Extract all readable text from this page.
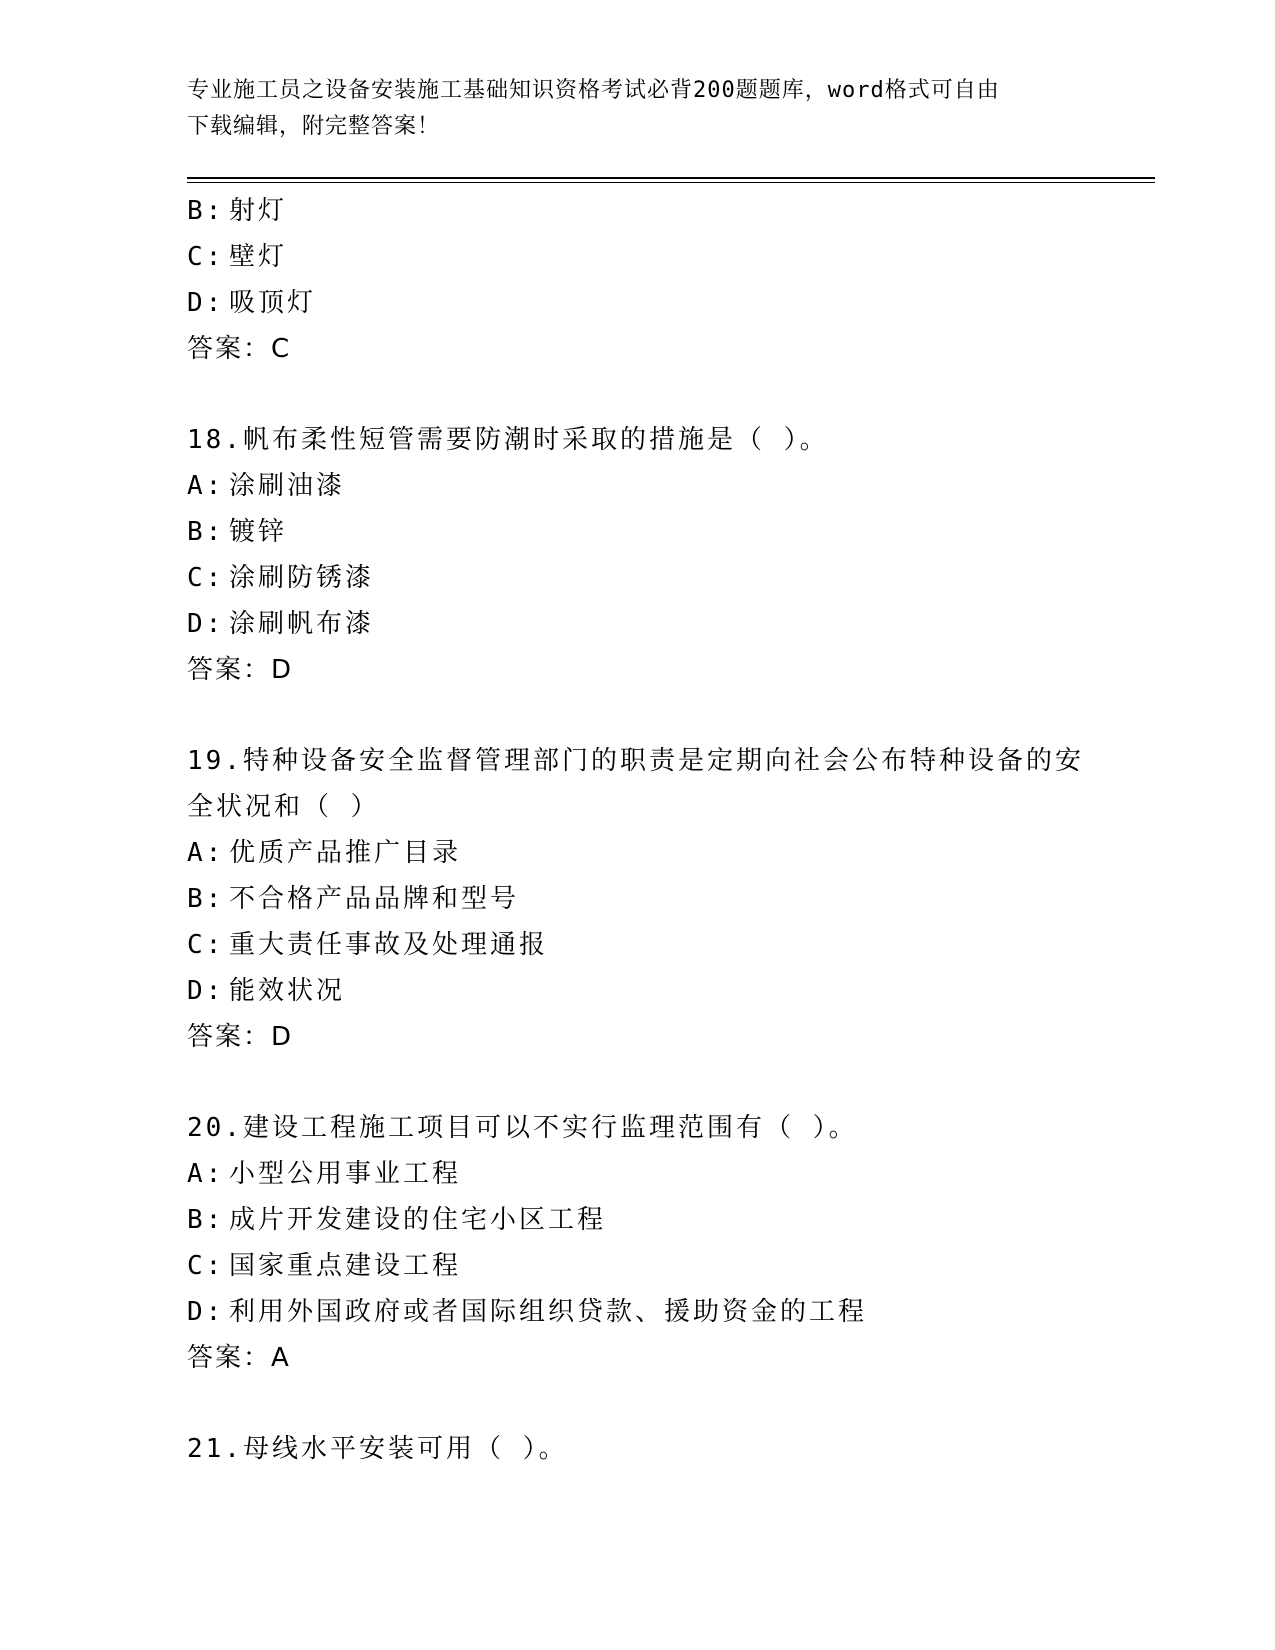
专业施工员之设备安装施工基础知识资格考试必背200题题库，word格式可自由
下载编辑，附完整答案！
B: 射灯
C: 壁灯
D: 吸顶灯
答案：C
18.帆布柔性短管需要防潮时采取的措施是（ ）。
A: 涂刷油漆
B: 镀锌
C: 涂刷防锈漆
D: 涂刷帆布漆
答案：D
19.特种设备安全监督管理部门的职责是定期向社会公布特种设备的安
全状况和（ ）
A: 优质产品推广目录
B: 不合格产品品牌和型号
C: 重大责任事故及处理通报
D: 能效状况
答案：D
20.建设工程施工项目可以不实行监理范围有（ ）。
A: 小型公用事业工程
B: 成片开发建设的住宅小区工程
C: 国家重点建设工程
D: 利用外国政府或者国际组织贷款、援助资金的工程
答案：A
21.母线水平安装可用（ ）。
